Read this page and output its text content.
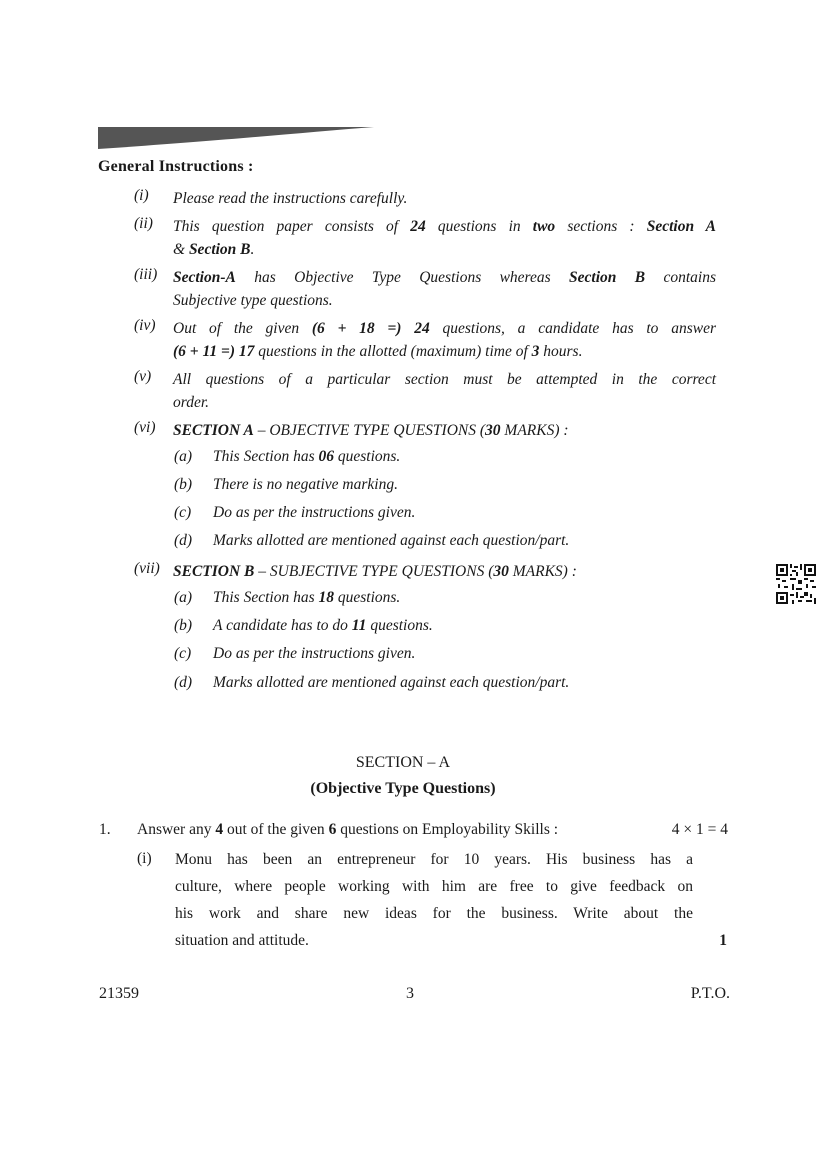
General Instructions :
(i)	Please read the instructions carefully.
(ii)	This question paper consists of 24 questions in two sections : Section A
& Section B.
(iii)	Section-A has Objective Type Questions whereas Section B contains
Subjective type questions.
(iv)	Out of the given (6 + 18 =) 24 questions, a candidate has to answer
(6 + 11 =) 17 questions in the allotted (maximum) time of 3 hours.
(v)	All questions of a particular section must be attempted in the correct
order.
(vi)	SECTION A – OBJECTIVE TYPE QUESTIONS (30 MARKS) :
(a) This Section has 06 questions.
(b) There is no negative marking.
(c) Do as per the instructions given.
(d) Marks allotted are mentioned against each question/part.
(vii) SECTION B – SUBJECTIVE TYPE QUESTIONS (30 MARKS) :
(a) This Section has 18 questions.
(b) A candidate has to do 11 questions.
(c) Do as per the instructions given.
(d) Marks allotted are mentioned against each question/part.
SECTION – A
(Objective Type Questions)
1. Answer any 4 out of the given 6 questions on Employability Skills :	4 × 1 = 4
(i) Monu has been an entrepreneur for 10 years. His business has a
culture, where people working with him are free to give feedback on
his work and share new ideas for the business. Write about the
situation and attitude.	1
21359	3	P.T.O.
